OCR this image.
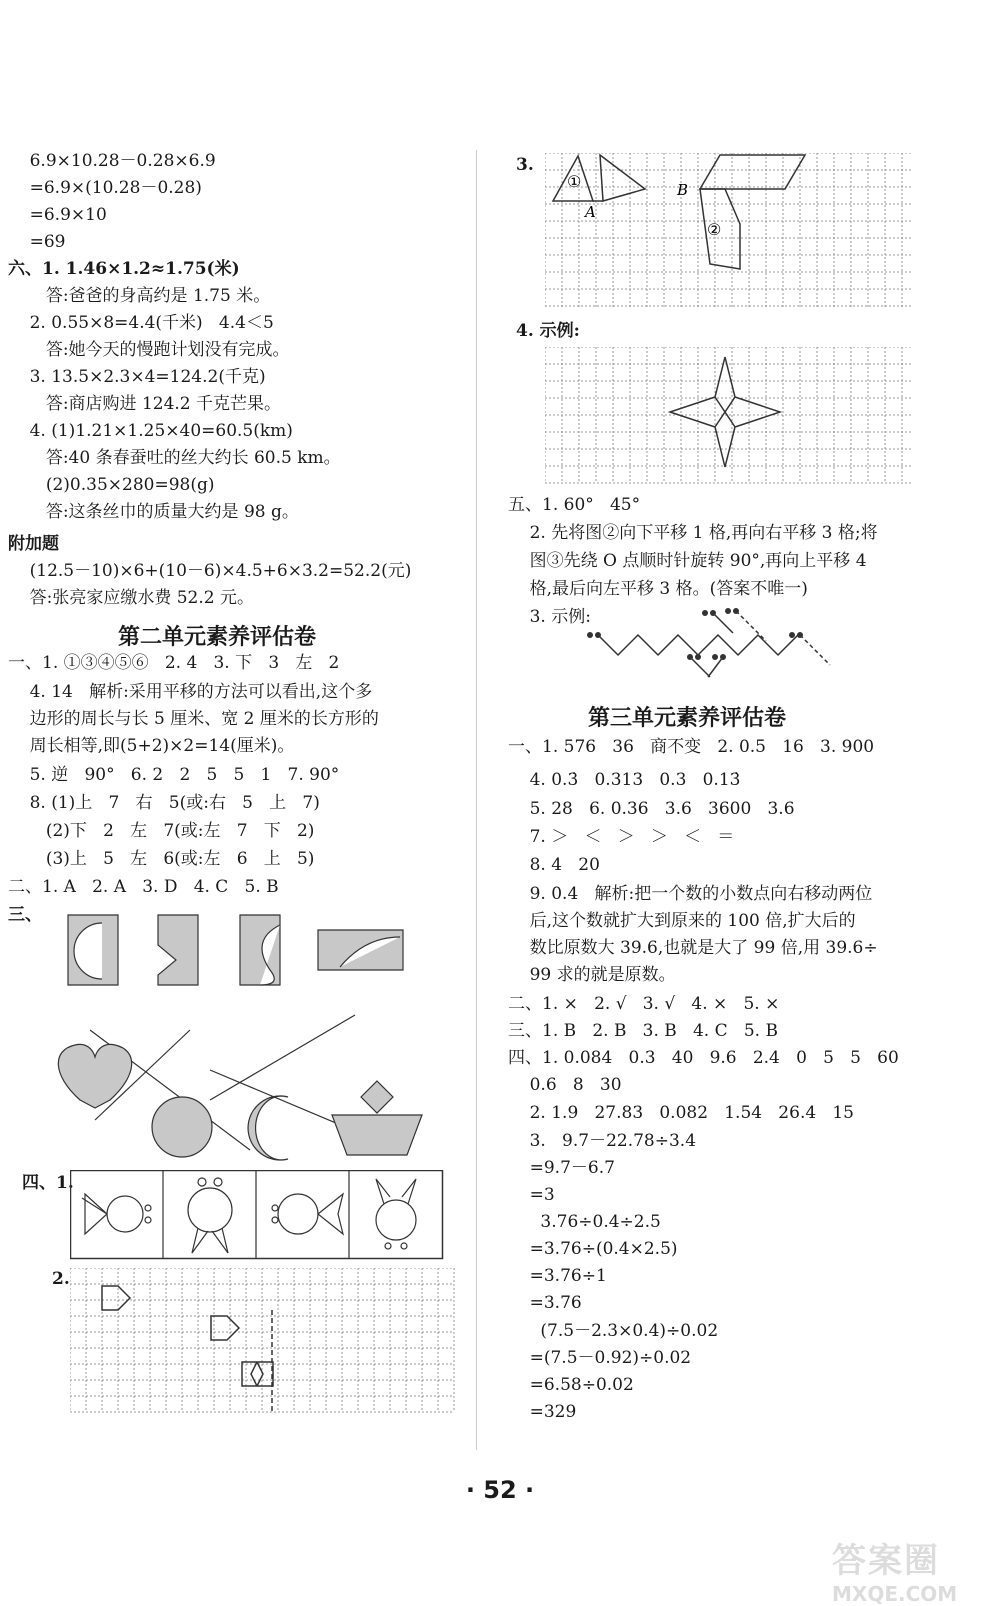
6.9×10.28－0.28×6.9
=6.9×(10.28－0.28)
=6.9×10
=69
六、1. 1.46×1.2≈1.75(米)
答:爸爸的身高约是 1.75 米。
2. 0.55×8=4.4(千米)   4.4＜5
答:她今天的慢跑计划没有完成。
3. 13.5×2.3×4=124.2(千克)
答:商店购进 124.2 千克芒果。
4. (1)1.21×1.25×40=60.5(km)
答:40 条春蚕吐的丝大约长 60.5 km。
(2)0.35×280=98(g)
答:这条丝巾的质量大约是 98 g。
附加题
(12.5－10)×6+(10－6)×4.5+6×3.2=52.2(元)
答:张亮家应缴水费 52.2 元。
第二单元素养评估卷
一、1. ①③④⑤⑥   2. 4   3. 下   3   左   2
4. 14   解析:采用平移的方法可以看出,这个多
边形的周长与长 5 厘米、宽 2 厘米的长方形的
周长相等,即(5+2)×2=14(厘米)。
5. 逆   90°   6. 2   2   5   5   1   7. 90°
8. (1)上   7   右   5(或:右   5   上   7)
(2)下   2   左   7(或:左   7   下   2)
(3)上   5   左   6(或:左   6   上   5)
二、1. A   2. A   3. D   4. C   5. B
三、
四、1.
2.
3.
4. 示例:
五、1. 60°   45°
2. 先将图②向下平移 1 格,再向右平移 3 格;将
图③先绕 O 点顺时针旋转 90°,再向上平移 4
格,最后向左平移 3 格。(答案不唯一)
3. 示例:
第三单元素养评估卷
一、1. 576   36   商不变   2. 0.5   16   3. 900
4. 0.3̇   0.313   0.3   0.13̇
5. 28   6. 0.36   3.6   3600   3.6
7. ＞   ＜   ＞   ＞   ＜   ＝
8. 4   20
9. 0.4   解析:把一个数的小数点向右移动两位
后,这个数就扩大到原来的 100 倍,扩大后的
数比原数大 39.6,也就是大了 99 倍,用 39.6÷
99 求的就是原数。
二、1. ×   2. √   3. √   4. ×   5. ×
三、1. B   2. B   3. B   4. C   5. B
四、1. 0.084   0.3   40   9.6   2.4   0   5   5   60
0.6   8   30
2. 1.9   27.83   0.082   1.54   26.4   15
3.   9.7－22.78÷3.4
=9.7－6.7
=3
3.76÷0.4÷2.5
=3.76÷(0.4×2.5)
=3.76÷1
=3.76
(7.5－2.3×0.4)÷0.02
=(7.5－0.92)÷0.02
=6.58÷0.02
=329
①
②
A
B
· 52 ·
答案圈
MXQE.COM
